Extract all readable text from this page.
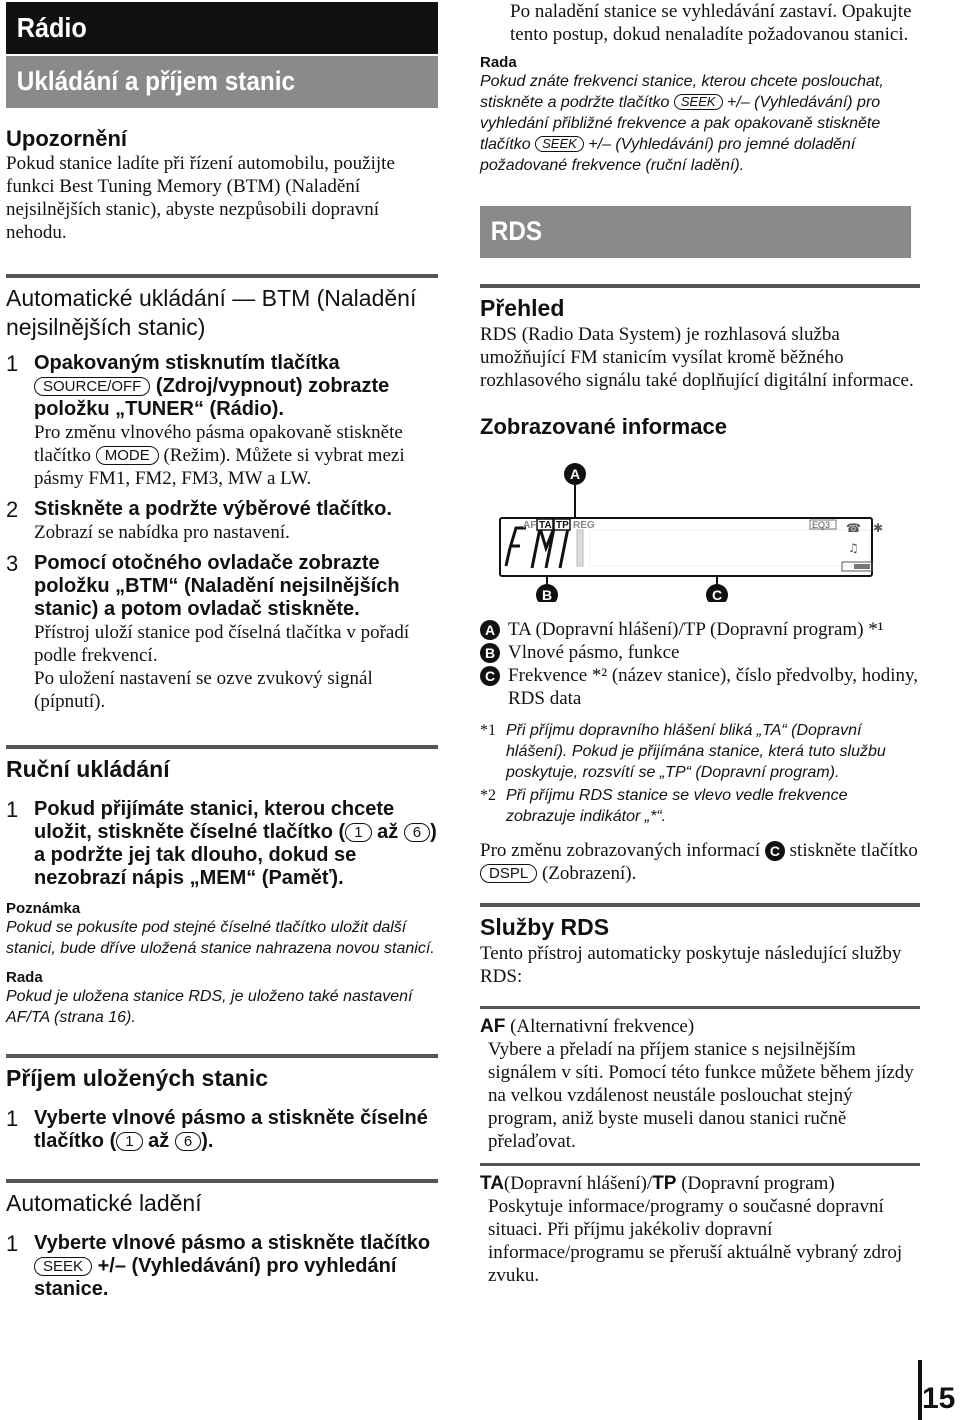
Rádio
Ukládání a příjem stanic
Upozornění
Pokud stanice ladíte při řízení automobilu, použijte funkci Best Tuning Memory (BTM) (Naladění nejsilnějších stanic), abyste nezpůsobili dopravní nehodu.
Automatické ukládání — BTM (Naladění nejsilnějších stanic)
1 Opakovaným stisknutím tlačítka SOURCE/OFF (Zdroj/vypnout) zobrazte položku „TUNER“ (Rádio).
Pro změnu vlnového pásma opakovaně stiskněte tlačítko MODE (Režim). Můžete si vybrat mezi pásmy FM1, FM2, FM3, MW a LW.
2 Stiskněte a podržte výběrové tlačítko.
Zobrazí se nabídka pro nastavení.
3 Pomocí otočného ovladače zobrazte položku „BTM“ (Naladění nejsilnějších stanic) a potom ovladač stiskněte.
Přístroj uloží stanice pod číselná tlačítka v pořadí podle frekvencí.
Po uložení nastavení se ozve zvukový signál (pípnutí).
Ruční ukládání
1 Pokud přijímáte stanici, kterou chcete uložit, stiskněte číselné tlačítko ( 1 až 6 ) a podržte jej tak dlouho, dokud se nezobrazí nápis „MEM“ (Paměť).
Poznámka
Pokud se pokusíte pod stejné číselné tlačítko uložit další stanici, bude dříve uložená stanice nahrazena novou stanicí.
Rada
Pokud je uložena stanice RDS, je uloženo také nastavení AF/TA (strana 16).
Příjem uložených stanic
1 Vyberte vlnové pásmo a stiskněte číselné tlačítko ( 1 až 6 ).
Automatické ladění
1 Vyberte vlnové pásmo a stiskněte tlačítko SEEK +/– (Vyhledávání) pro vyhledání stanice.
Po naladění stanice se vyhledávání zastaví. Opakujte tento postup, dokud nenaladíte požadovanou stanici.
Rada
Pokud znáte frekvenci stanice, kterou chcete poslouchat, stiskněte a podržte tlačítko SEEK +/– (Vyhledávání) pro vyhledání přibližné frekvence a pak opakovaně stiskněte tlačítko SEEK +/– (Vyhledávání) pro jemné doladění požadované frekvence (ruční ladění).
RDS
Přehled
RDS (Radio Data System) je rozhlasová služba umožňující FM stanicím vysílat kromě běžného rozhlasového signálu také doplňující digitální informace.
Zobrazované informace
AF TA TP REG	EQ3 ☎ ✱
♫
A
B	C
A TA (Dopravní hlášení)/TP (Dopravní program) *¹
B Vlnové pásmo, funkce
C Frekvence *² (název stanice), číslo předvolby, hodiny, RDS data
*1 Při příjmu dopravního hlášení bliká „TA“ (Dopravní hlášení). Pokud je přijímána stanice, která tuto službu poskytuje, rozsvítí se „TP“ (Dopravní program).
*2 Při příjmu RDS stanice se vlevo vedle frekvence zobrazuje indikátor „*“.
Pro změnu zobrazovaných informací C stiskněte tlačítko DSPL (Zobrazení).
Služby RDS
Tento přístroj automaticky poskytuje následující služby RDS:
AF (Alternativní frekvence)
Vybere a přeladí na příjem stanice s nejsilnějším signálem v síti. Pomocí této funkce můžete během jízdy na velkou vzdálenost neustále poslouchat stejný program, aniž byste museli danou stanici ručně přelaďovat.
TA(Dopravní hlášení)/TP (Dopravní program)
Poskytuje informace/programy o současné dopravní situaci. Při příjmu jakékoliv dopravní informace/programu se přeruší aktuálně vybraný zdroj zvuku.
15
